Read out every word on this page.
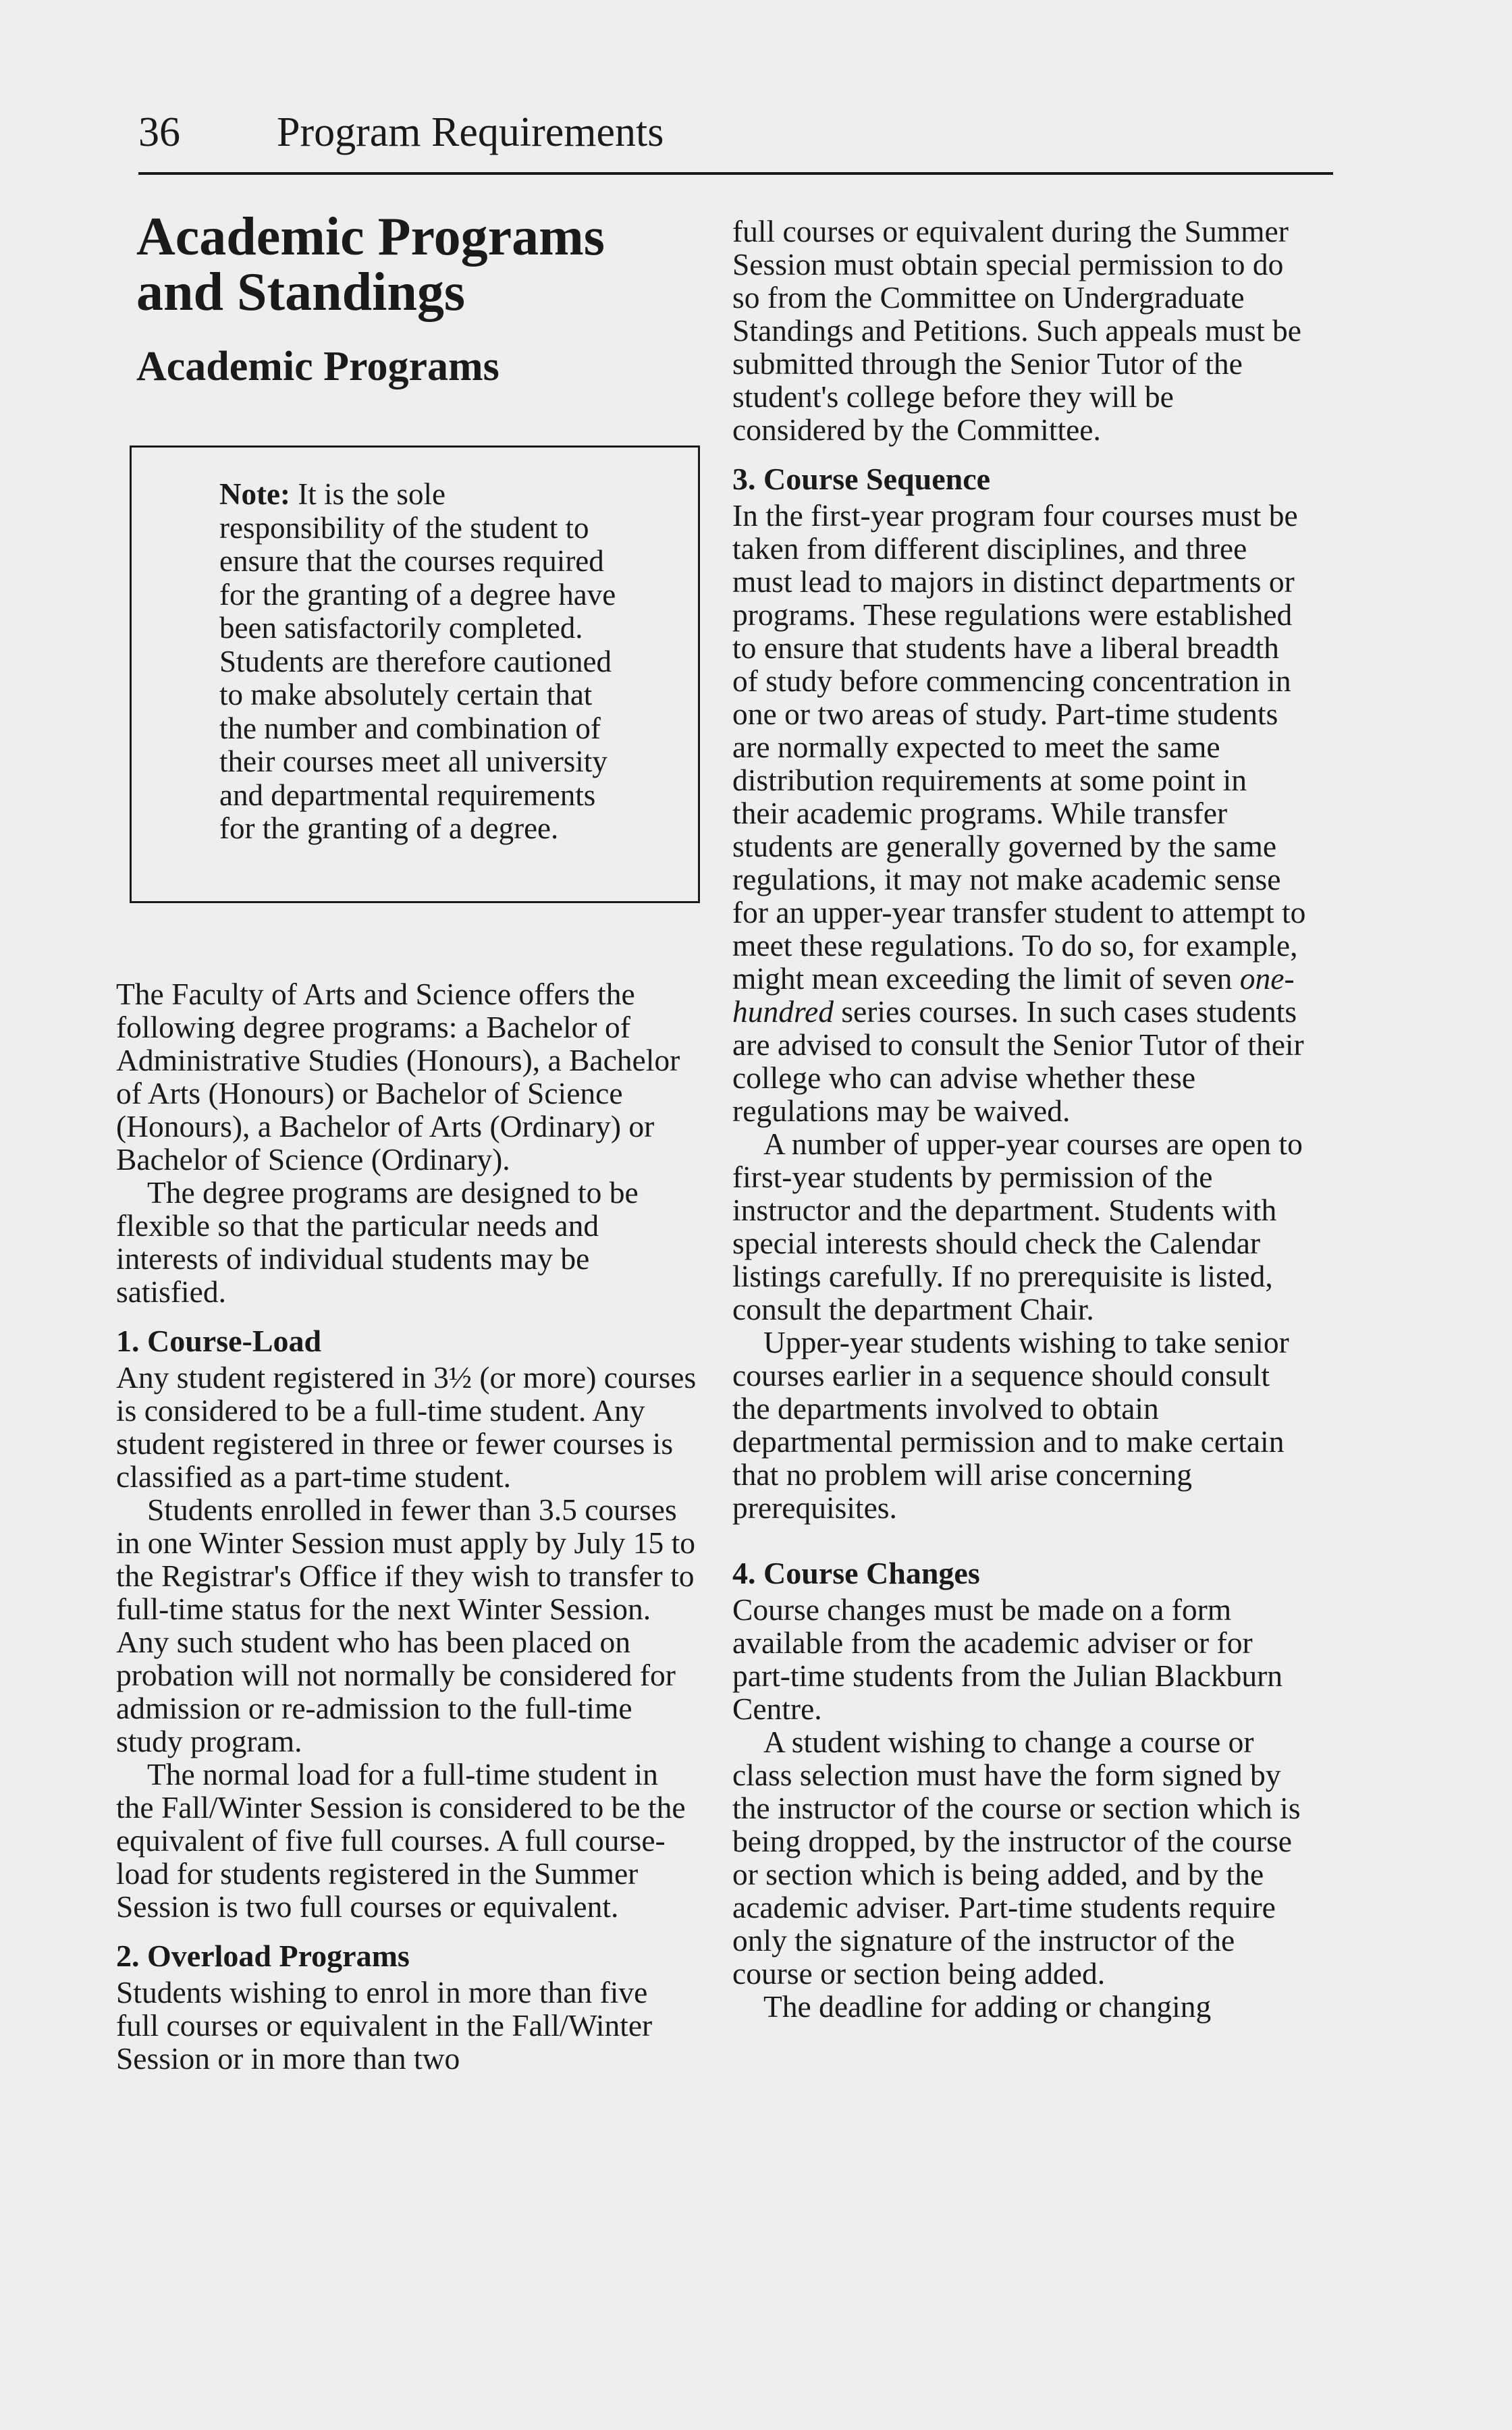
36 Program Requirements
Academic Programs and Standings
Academic Programs
Note: It is the sole responsibility of the student to ensure that the courses required for the granting of a degree have been satisfactorily completed. Students are therefore cautioned to make absolutely certain that the number and combination of their courses meet all university and departmental requirements for the granting of a degree.

The Faculty of Arts and Science offers the following degree programs: a Bachelor of Administrative Studies (Honours), a Bachelor of Arts (Honours) or Bachelor of Science (Honours), a Bachelor of Arts (Ordinary) or Bachelor of Science (Ordinary).

The degree programs are designed to be flexible so that the particular needs and interests of individual students may be satisfied.

1. Course-Load

Any student registered in 3½ (or more) courses is considered to be a full-time student. Any student registered in three or fewer courses is classified as a part-time student.

Students enrolled in fewer than 3.5 courses in one Winter Session must apply by July 15 to the Registrar's Office if they wish to transfer to full-time status for the next Winter Session. Any such student who has been placed on probation will not normally be considered for admission or re-admission to the full-time study program.

The normal load for a full-time student in the Fall/Winter Session is considered to be the equivalent of five full courses. A full course-load for students registered in the Summer Session is two full courses or equivalent.

2. Overload Programs

Students wishing to enrol in more than five full courses or equivalent in the Fall/Winter Session or in more than two

full courses or equivalent during the Summer Session must obtain special permission to do so from the Committee on Undergraduate Standings and Petitions. Such appeals must be submitted through the Senior Tutor of the student's college before they will be considered by the Committee.

3. Course Sequence

In the first-year program four courses must be taken from different disciplines, and three must lead to majors in distinct departments or programs. These regulations were established to ensure that students have a liberal breadth of study before commencing concentration in one or two areas of study. Part-time students are normally expected to meet the same distribution requirements at some point in their academic programs. While transfer students are generally governed by the same regulations, it may not make academic sense for an upper-year transfer student to attempt to meet these regulations. To do so, for example, might mean exceeding the limit of seven one-hundred series courses. In such cases students are advised to consult the Senior Tutor of their college who can advise whether these regulations may be waived.

A number of upper-year courses are open to first-year students by permission of the instructor and the department. Students with special interests should check the Calendar listings carefully. If no prerequisite is listed, consult the department Chair.

Upper-year students wishing to take senior courses earlier in a sequence should consult the departments involved to obtain departmental permission and to make certain that no problem will arise concerning prerequisites.

4. Course Changes

Course changes must be made on a form available from the academic adviser or for part-time students from the Julian Blackburn Centre.

A student wishing to change a course or class selection must have the form signed by the instructor of the course or section which is being dropped, by the instructor of the course or section which is being added, and by the academic adviser. Part-time students require only the signature of the instructor of the course or section being added.

The deadline for adding or changing
